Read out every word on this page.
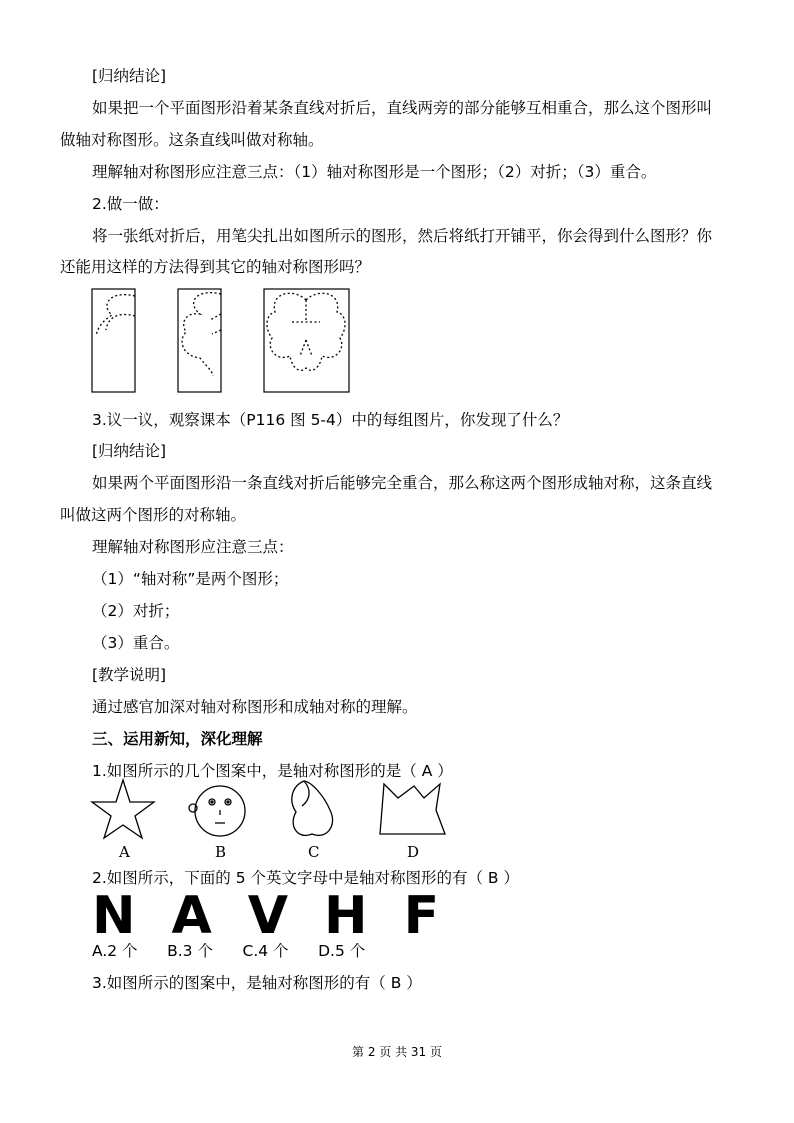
[归纳结论]
如果把一个平面图形沿着某条直线对折后，直线两旁的部分能够互相重合，那么这个图形叫
做轴对称图形。这条直线叫做对称轴。
理解轴对称图形应注意三点：（1）轴对称图形是一个图形；（2）对折；（3）重合。
2.做一做：
将一张纸对折后，用笔尖扎出如图所示的图形，然后将纸打开铺平，你会得到什么图形？你
还能用这样的方法得到其它的轴对称图形吗？
3.议一议，观察课本（P116 图 5-4）中的每组图片，你发现了什么？
[归纳结论]
如果两个平面图形沿一条直线对折后能够完全重合，那么称这两个图形成轴对称，这条直线
叫做这两个图形的对称轴。
理解轴对称图形应注意三点：
（1）“轴对称”是两个图形；
（2）对折；
（3）重合。
[教学说明]
通过感官加深对轴对称图形和成轴对称的理解。
三、运用新知，深化理解
1.如图所示的几个图案中，是轴对称图形的是（ A ）
A	B	C	D
2.如图所示，下面的 5 个英文字母中是轴对称图形的有（ B ）
N A V H F
A.2 个      B.3 个      C.4 个      D.5 个
3.如图所示的图案中，是轴对称图形的有（ B ）
第 2 页 共 31 页
